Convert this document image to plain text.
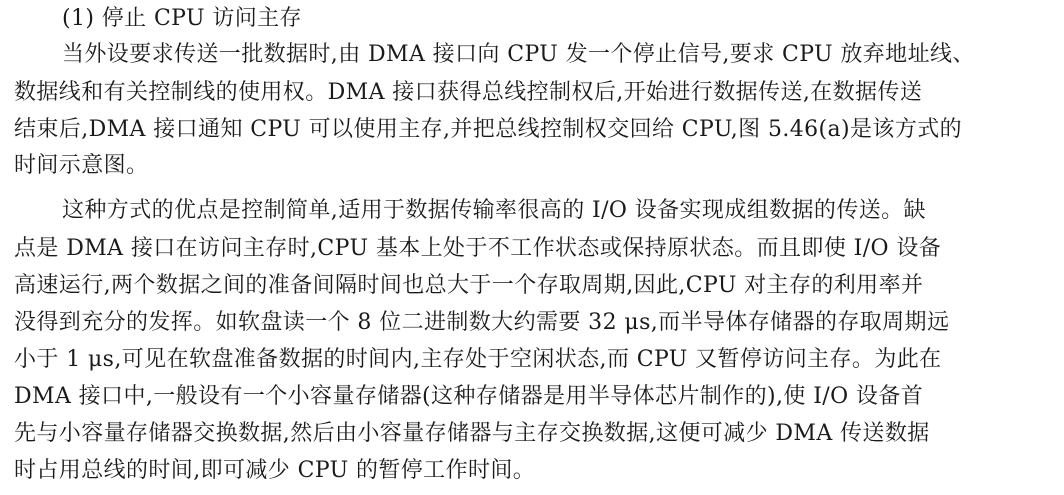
(1) 停止 CPU 访问主存
当外设要求传送一批数据时,由 DMA 接口向 CPU 发一个停止信号,要求 CPU 放弃地址线、
数据线和有关控制线的使用权。DMA 接口获得总线控制权后,开始进行数据传送,在数据传送
结束后,DMA 接口通知 CPU 可以使用主存,并把总线控制权交回给 CPU,图 5.46(a)是该方式的
时间示意图。
这种方式的优点是控制简单,适用于数据传输率很高的 I/O 设备实现成组数据的传送。缺
点是 DMA 接口在访问主存时,CPU 基本上处于不工作状态或保持原状态。而且即使 I/O 设备
高速运行,两个数据之间的准备间隔时间也总大于一个存取周期,因此,CPU 对主存的利用率并
没得到充分的发挥。如软盘读一个 8 位二进制数大约需要 32 μs,而半导体存储器的存取周期远
小于 1 μs,可见在软盘准备数据的时间内,主存处于空闲状态,而 CPU 又暂停访问主存。为此在
DMA 接口中,一般设有一个小容量存储器(这种存储器是用半导体芯片制作的),使 I/O 设备首
先与小容量存储器交换数据,然后由小容量存储器与主存交换数据,这便可减少 DMA 传送数据
时占用总线的时间,即可减少 CPU 的暂停工作时间。
